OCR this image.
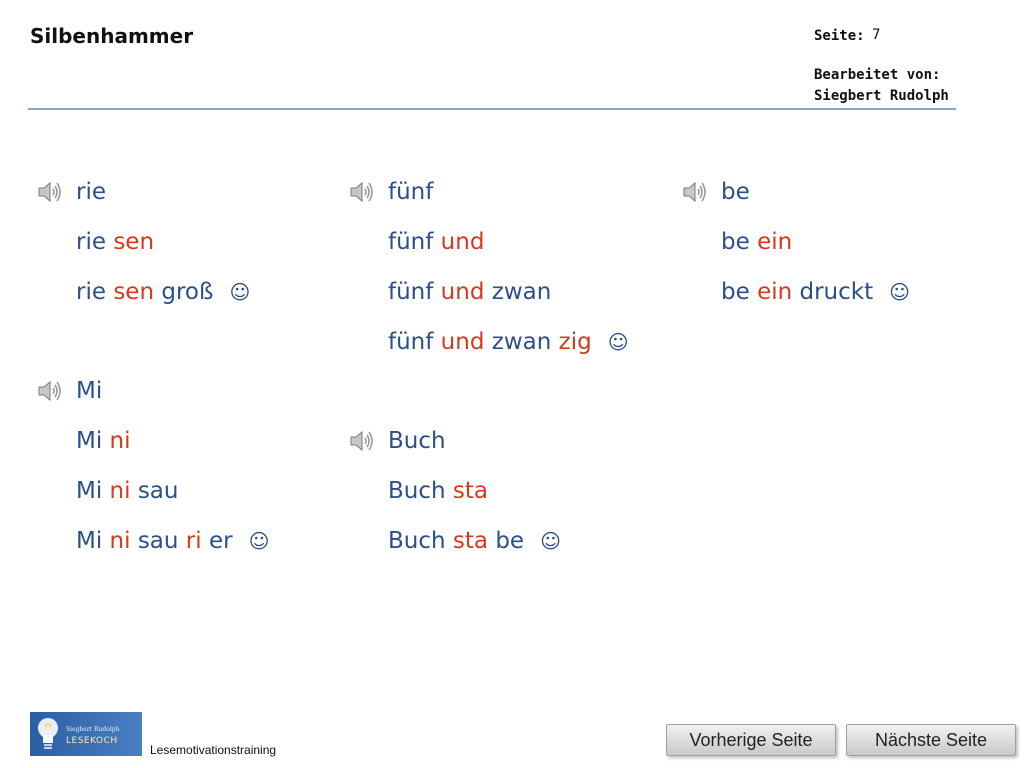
Silbenhammer	Seite: 7
Bearbeitet von:
Siegbert Rudolph
rie
rie sen
rie sen groß ☺
fünf
fünf und
fünf und zwan
fünf und zwan zig ☺
be
be ein
be ein druckt ☺
Mi
Mi ni
Mi ni sau
Mi ni sau ri er ☺
Buch
Buch sta
Buch sta be ☺
Siegbert Rudolph
LESEKOCH
Lesemotivationstraining
Vorherige Seite	Nächste Seite
